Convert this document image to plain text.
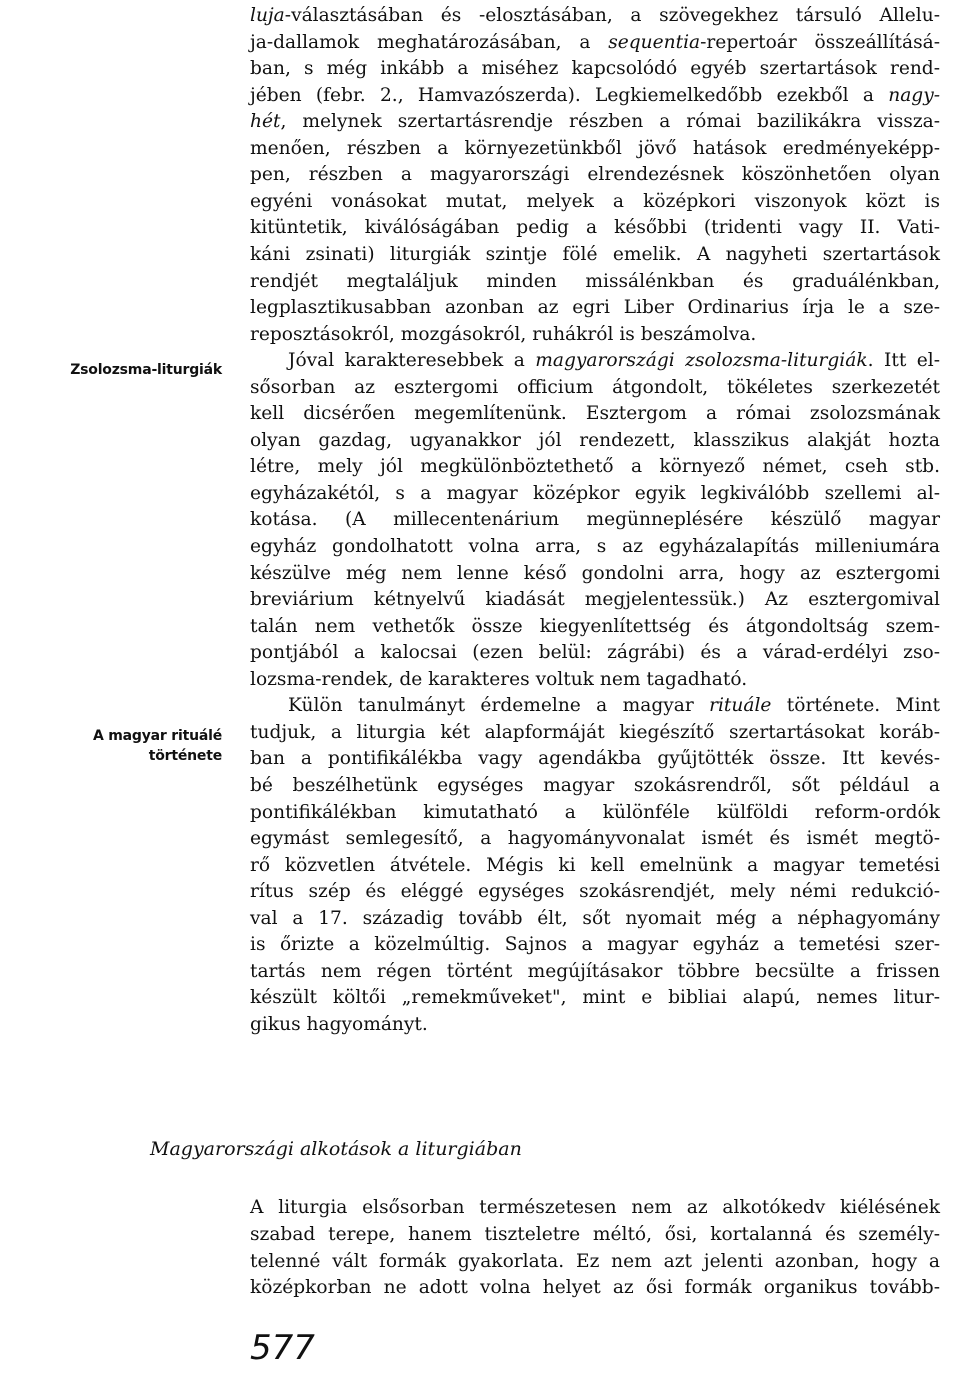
Zsolozsma-liturgiák
A magyar rituálé
története
luja-választásában és -elosztásában, a szövegekhez társuló Allelu-
ja-dallamok meghatározásában, a sequentia-repertoár összeállításá-
ban, s még inkább a miséhez kapcsolódó egyéb szertartások rend-
jében (febr. 2., Hamvazószerda). Legkiemelkedőbb ezekből a nagy-
hét, melynek szertartásrendje részben a római bazilikákra vissza-
menően, részben a környezetünkből jövő hatások eredményeképp-
pen, részben a magyarországi elrendezésnek köszönhetően olyan
egyéni vonásokat mutat, melyek a középkori viszonyok közt is
kitüntetik, kiválóságában pedig a későbbi (tridenti vagy II. Vati-
káni zsinati) liturgiák szintje fölé emelik. A nagyheti szertartások
rendjét megtaláljuk minden missálénkban és graduálénkban,
legplasztikusabban azonban az egri Liber Ordinarius írja le a sze-
reposztásokról, mozgásokról, ruhákról is beszámolva.
Jóval karakteresebbek a magyarországi zsolozsma-liturgiák. Itt el-
sősorban az esztergomi officium átgondolt, tökéletes szerkezetét
kell dicsérően megemlítenünk. Esztergom a római zsolozsmának
olyan gazdag, ugyanakkor jól rendezett, klasszikus alakját hozta
létre, mely jól megkülönböztethető a környező német, cseh stb.
egyházakétól, s a magyar középkor egyik legkiválóbb szellemi al-
kotása. (A millecentenárium megünneplésére készülő magyar
egyház gondolhatott volna arra, s az egyházalapítás milleniumára
készülve még nem lenne késő gondolni arra, hogy az esztergomi
breviárium kétnyelvű kiadását megjelentessük.) Az esztergomival
talán nem vethetők össze kiegyenlítettség és átgondoltság szem-
pontjából a kalocsai (ezen belül: zágrábi) és a várad-erdélyi zso-
lozsma-rendek, de karakteres voltuk nem tagadható.
Külön tanulmányt érdemelne a magyar rituále története. Mint
tudjuk, a liturgia két alapformáját kiegészítő szertartásokat koráb-
ban a pontifikálékba vagy agendákba gyűjtötték össze. Itt kevés-
bé beszélhetünk egységes magyar szokásrendről, sőt például a
pontifikálékban kimutatható a különféle külföldi reform-ordók
egymást semlegesítő, a hagyományvonalat ismét és ismét megtö-
rő közvetlen átvétele. Mégis ki kell emelnünk a magyar temetési
rítus szép és eléggé egységes szokásrendjét, mely némi redukció-
val a 17. századig tovább élt, sőt nyomait még a néphagyomány
is őrizte a közelmúltig. Sajnos a magyar egyház a temetési szer-
tartás nem régen történt megújításakor többre becsülte a frissen
készült költői „remekműveket", mint e bibliai alapú, nemes litur-
gikus hagyományt.
Magyarországi alkotások a liturgiában
A liturgia elsősorban természetesen nem az alkotókedv kiélésének
szabad terepe, hanem tiszteletre méltó, ősi, kortalanná és személy-
telenné vált formák gyakorlata. Ez nem azt jelenti azonban, hogy a
középkorban ne adott volna helyet az ősi formák organikus tovább-
577
